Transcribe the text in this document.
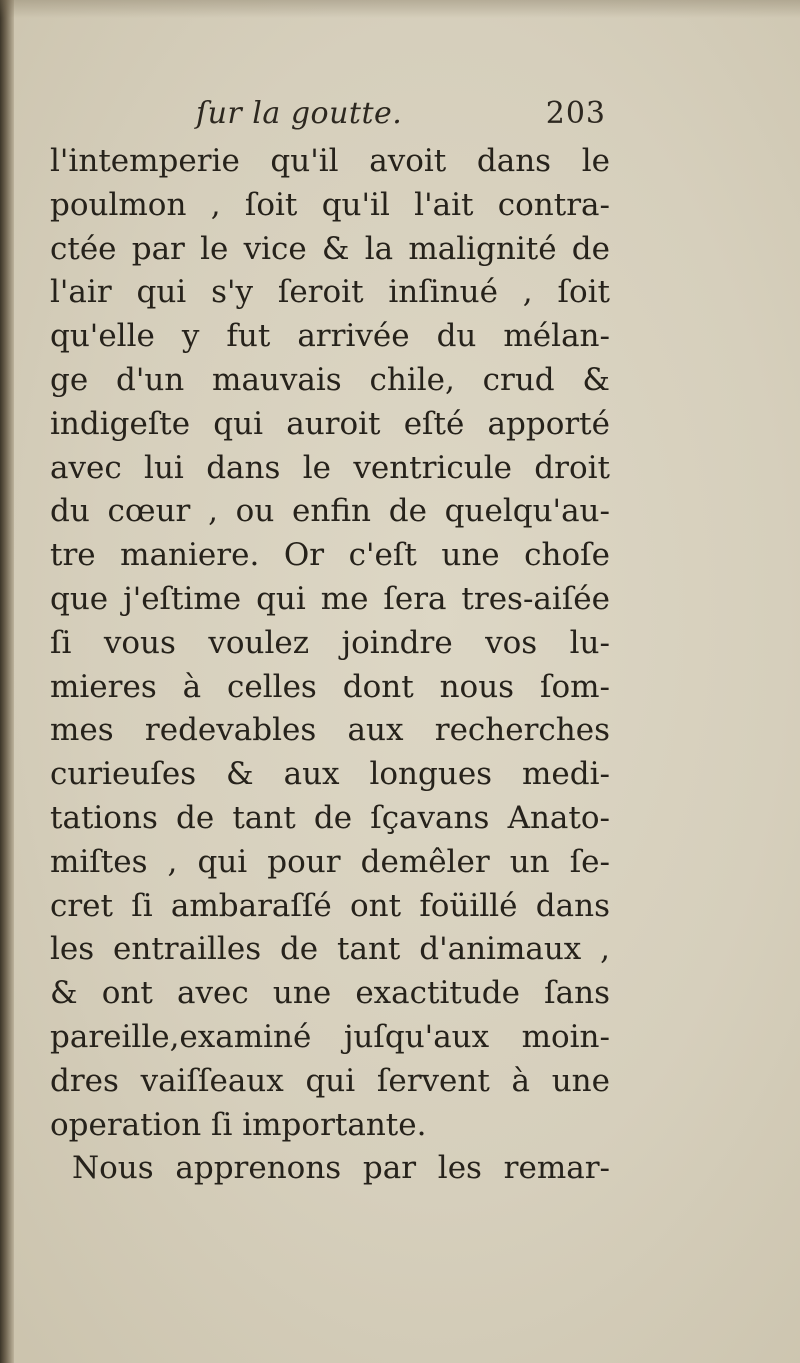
ſur la goutte.	203
l'intemperie qu'il avoit dans le
poulmon , ſoit qu'il l'ait contra-
ctée par le vice & la malignité de
l'air qui s'y ſeroit inſinué , ſoit
qu'elle y fut arrivée du mélan-
ge d'un mauvais chile, crud &
indigeſte qui auroit eſté apporté
avec lui dans le ventricule droit
du cœur , ou enfin de quelqu'au-
tre maniere. Or c'eſt une choſe
que j'eſtime qui me ſera tres-aiſée
ſi vous voulez joindre vos lu-
mieres à celles dont nous ſom-
mes redevables aux recherches
curieuſes & aux longues medi-
tations de tant de ſçavans Anato-
miſtes , qui pour demêler un ſe-
cret ſi ambaraſſé ont foüillé dans
les entrailles de tant d'animaux ,
& ont avec une exactitude ſans
pareille,examiné juſqu'aux moin-
dres vaiſſeaux qui ſervent à une
operation ſi importante.
Nous apprenons par les remar-
